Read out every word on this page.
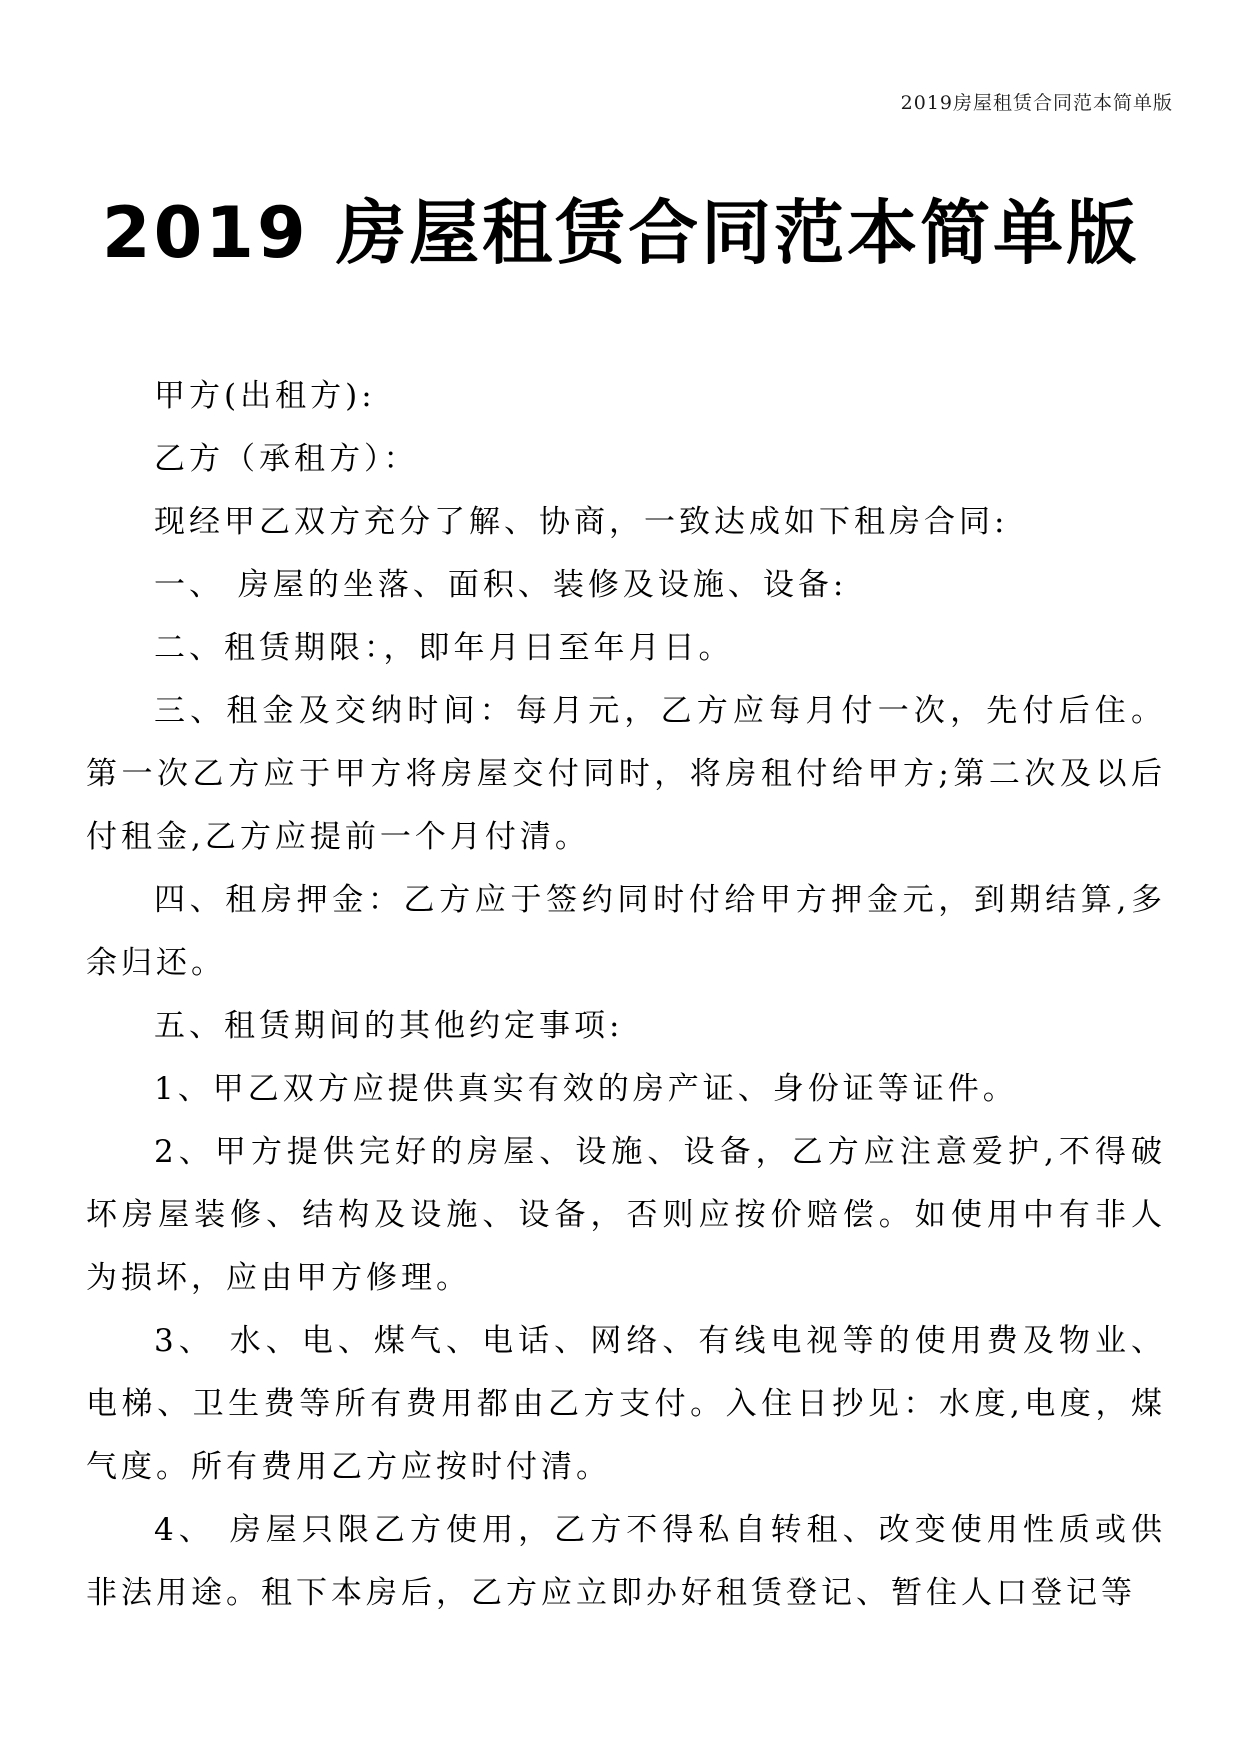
2019房屋租赁合同范本简单版
2019 房屋租赁合同范本简单版

甲方(出租方):

乙方（承租方）：

现经甲乙双方充分了解、协商，一致达成如下租房合同:

一、 房屋的坐落、面积、装修及设施、设备:

二、租赁期限：，即年月日至年月日。

三、租金及交纳时间：每月元，乙方应每月付一次，先付后住。第一次乙方应于甲方将房屋交付同时，将房租付给甲方;第二次及以后付租金,乙方应提前一个月付清。

四、租房押金：乙方应于签约同时付给甲方押金元，到期结算,多余归还。

五、租赁期间的其他约定事项:

1、甲乙双方应提供真实有效的房产证、身份证等证件。

2、甲方提供完好的房屋、设施、设备，乙方应注意爱护,不得破坏房屋装修、结构及设施、设备，否则应按价赔偿。如使用中有非人为损坏，应由甲方修理。

3、 水、电、煤气、电话、网络、有线电视等的使用费及物业、电梯、卫生费等所有费用都由乙方支付。入住日抄见：水度,电度，煤气度。所有费用乙方应按时付清。

4、 房屋只限乙方使用，乙方不得私自转租、改变使用性质或供非法用途。租下本房后，乙方应立即办好租赁登记、暂住人口登记等
